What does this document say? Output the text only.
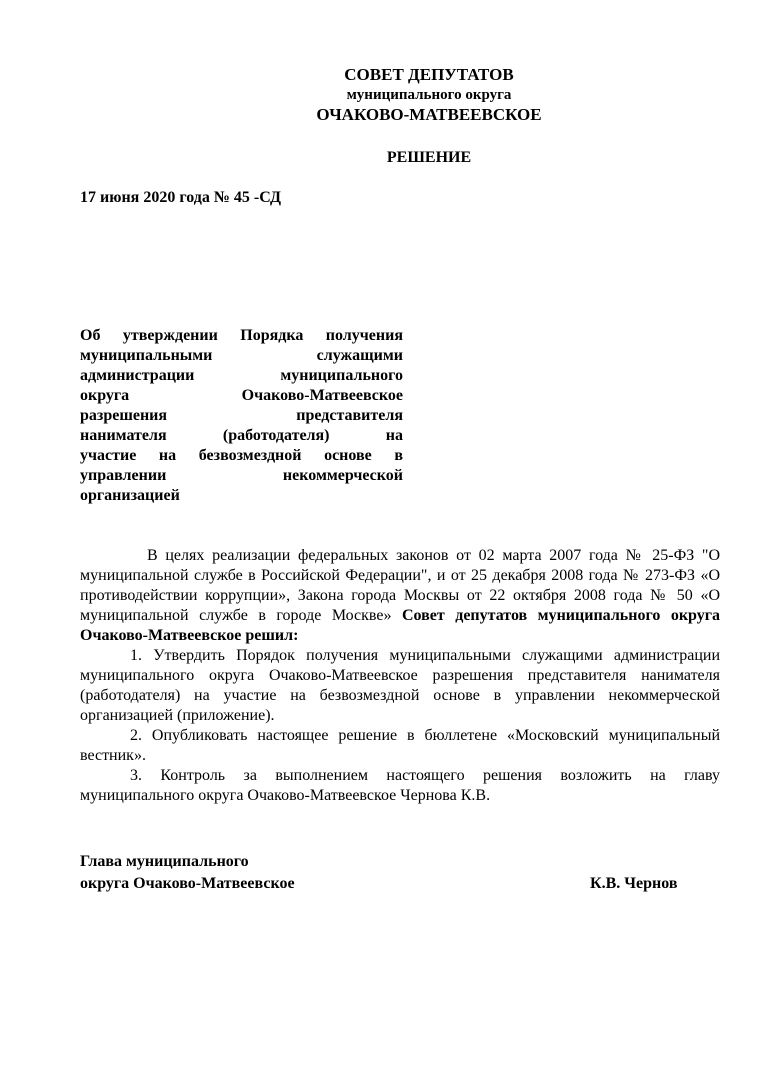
СОВЕТ ДЕПУТАТОВ
муниципального округа
ОЧАКОВО-МАТВЕЕВСКОЕ
РЕШЕНИЕ
17 июня 2020 года № 45 -СД
Об утверждении Порядка получения
муниципальными служащими
администрации муниципального
округа Очаково-Матвеевское
разрешения представителя
нанимателя (работодателя) на
участие на безвозмездной основе в
управлении некоммерческой
организацией

В целях реализации федеральных законов от 02 марта 2007 года № 25-ФЗ "О муниципальной службе в Российской Федерации", и от 25 декабря 2008 года № 273-ФЗ «О противодействии коррупции», Закона города Москвы от 22 октября 2008 года № 50 «О муниципальной службе в городе Москве» Совет депутатов муниципального округа Очаково-Матвеевское решил:

1. Утвердить Порядок получения муниципальными служащими администрации муниципального округа Очаково-Матвеевское разрешения представителя нанимателя (работодателя) на участие на безвозмездной основе в управлении некоммерческой организацией (приложение).

2. Опубликовать настоящее решение в бюллетене «Московский муниципальный вестник».

3. Контроль за выполнением настоящего решения возложить на главу муниципального округа Очаково-Матвеевское Чернова К.В.

Глава муниципального
округа Очаково-Матвеевское	К.В. Чернов
